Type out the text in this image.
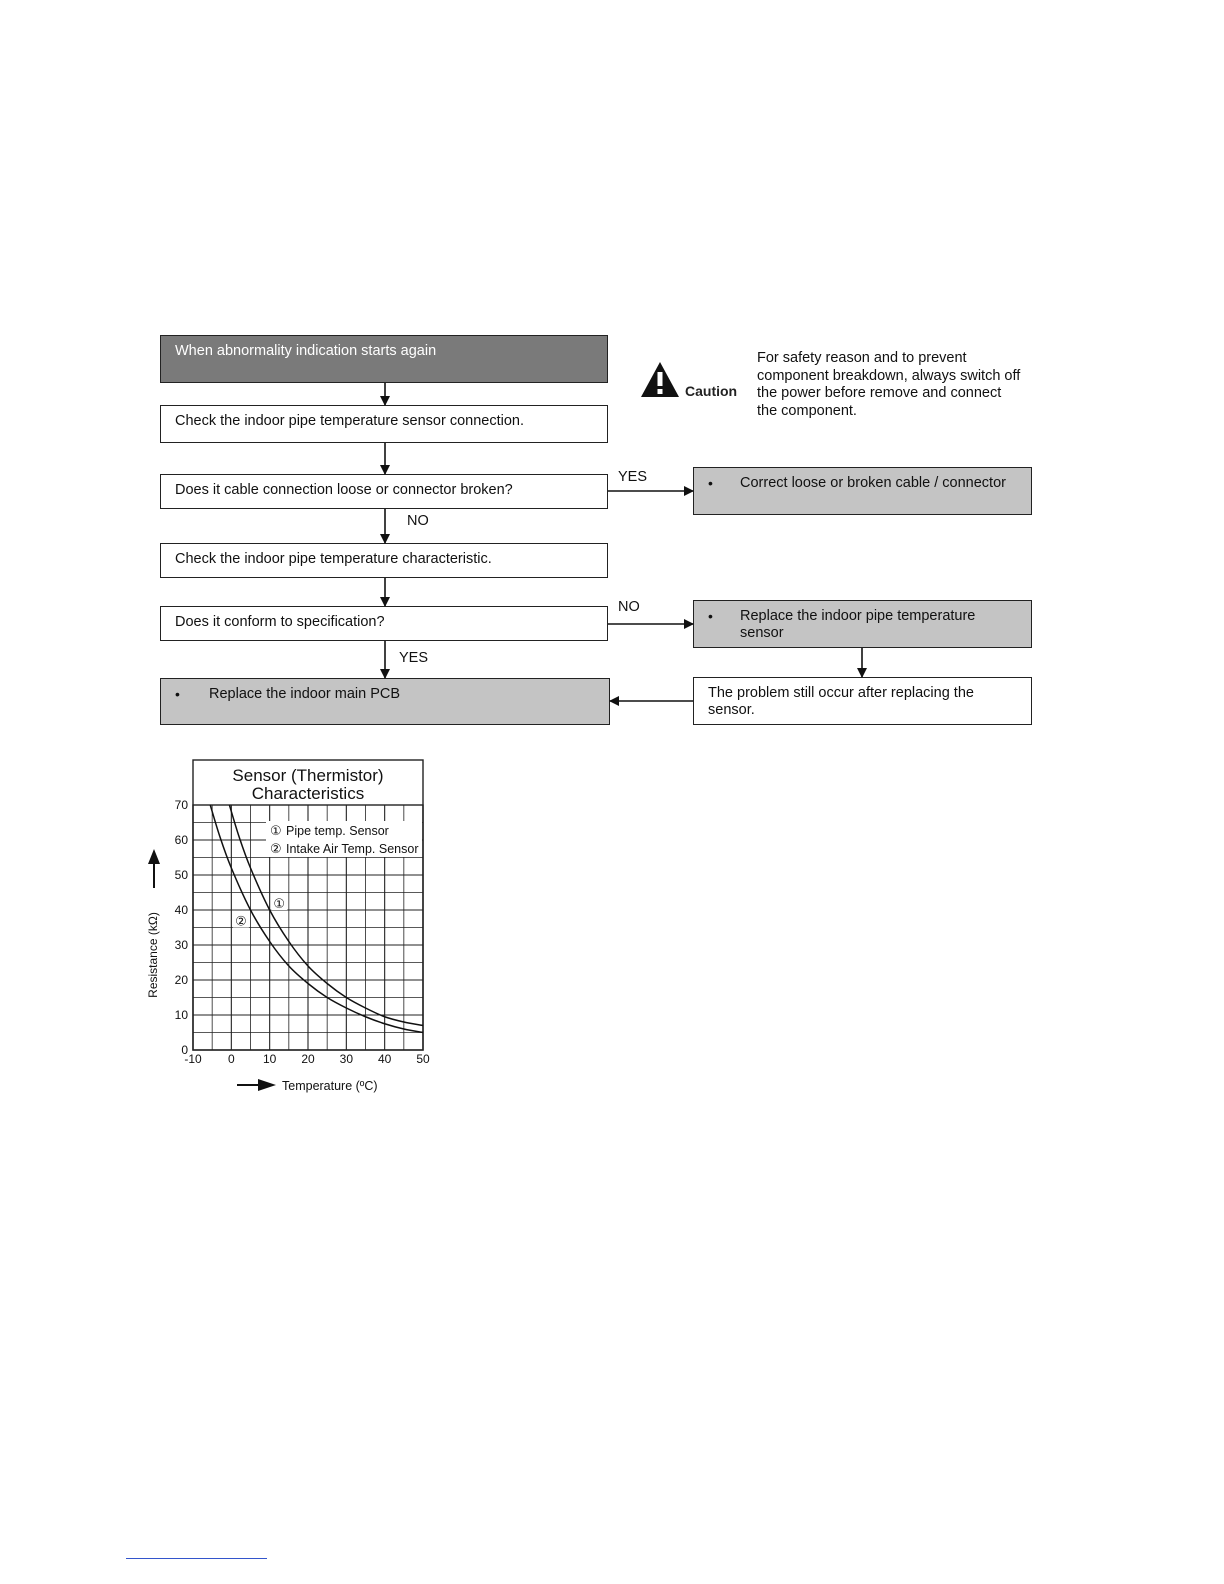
When abnormality indication starts again
Check the indoor pipe temperature sensor connection.
Does it cable connection loose or connector broken?	• Correct loose or broken cable / connector
Check the indoor pipe temperature characteristic.
Does it conform to specification?	• Replace the indoor pipe temperature sensor
The problem still occur after replacing the sensor.
• Replace the indoor main PCB
YES
NO
NO
YES
Caution
For safety reason and to prevent component breakdown, always switch off the power before remove and connect the component.
Sensor (Thermistor)
Characteristics
-10 0 10 20 30 40 50
0
10
20
30
40
50
60
70
① Pipe temp. Sensor
② Intake Air Temp. Sensor
①
②
Resistance (kΩ)
Temperature (ºC)
